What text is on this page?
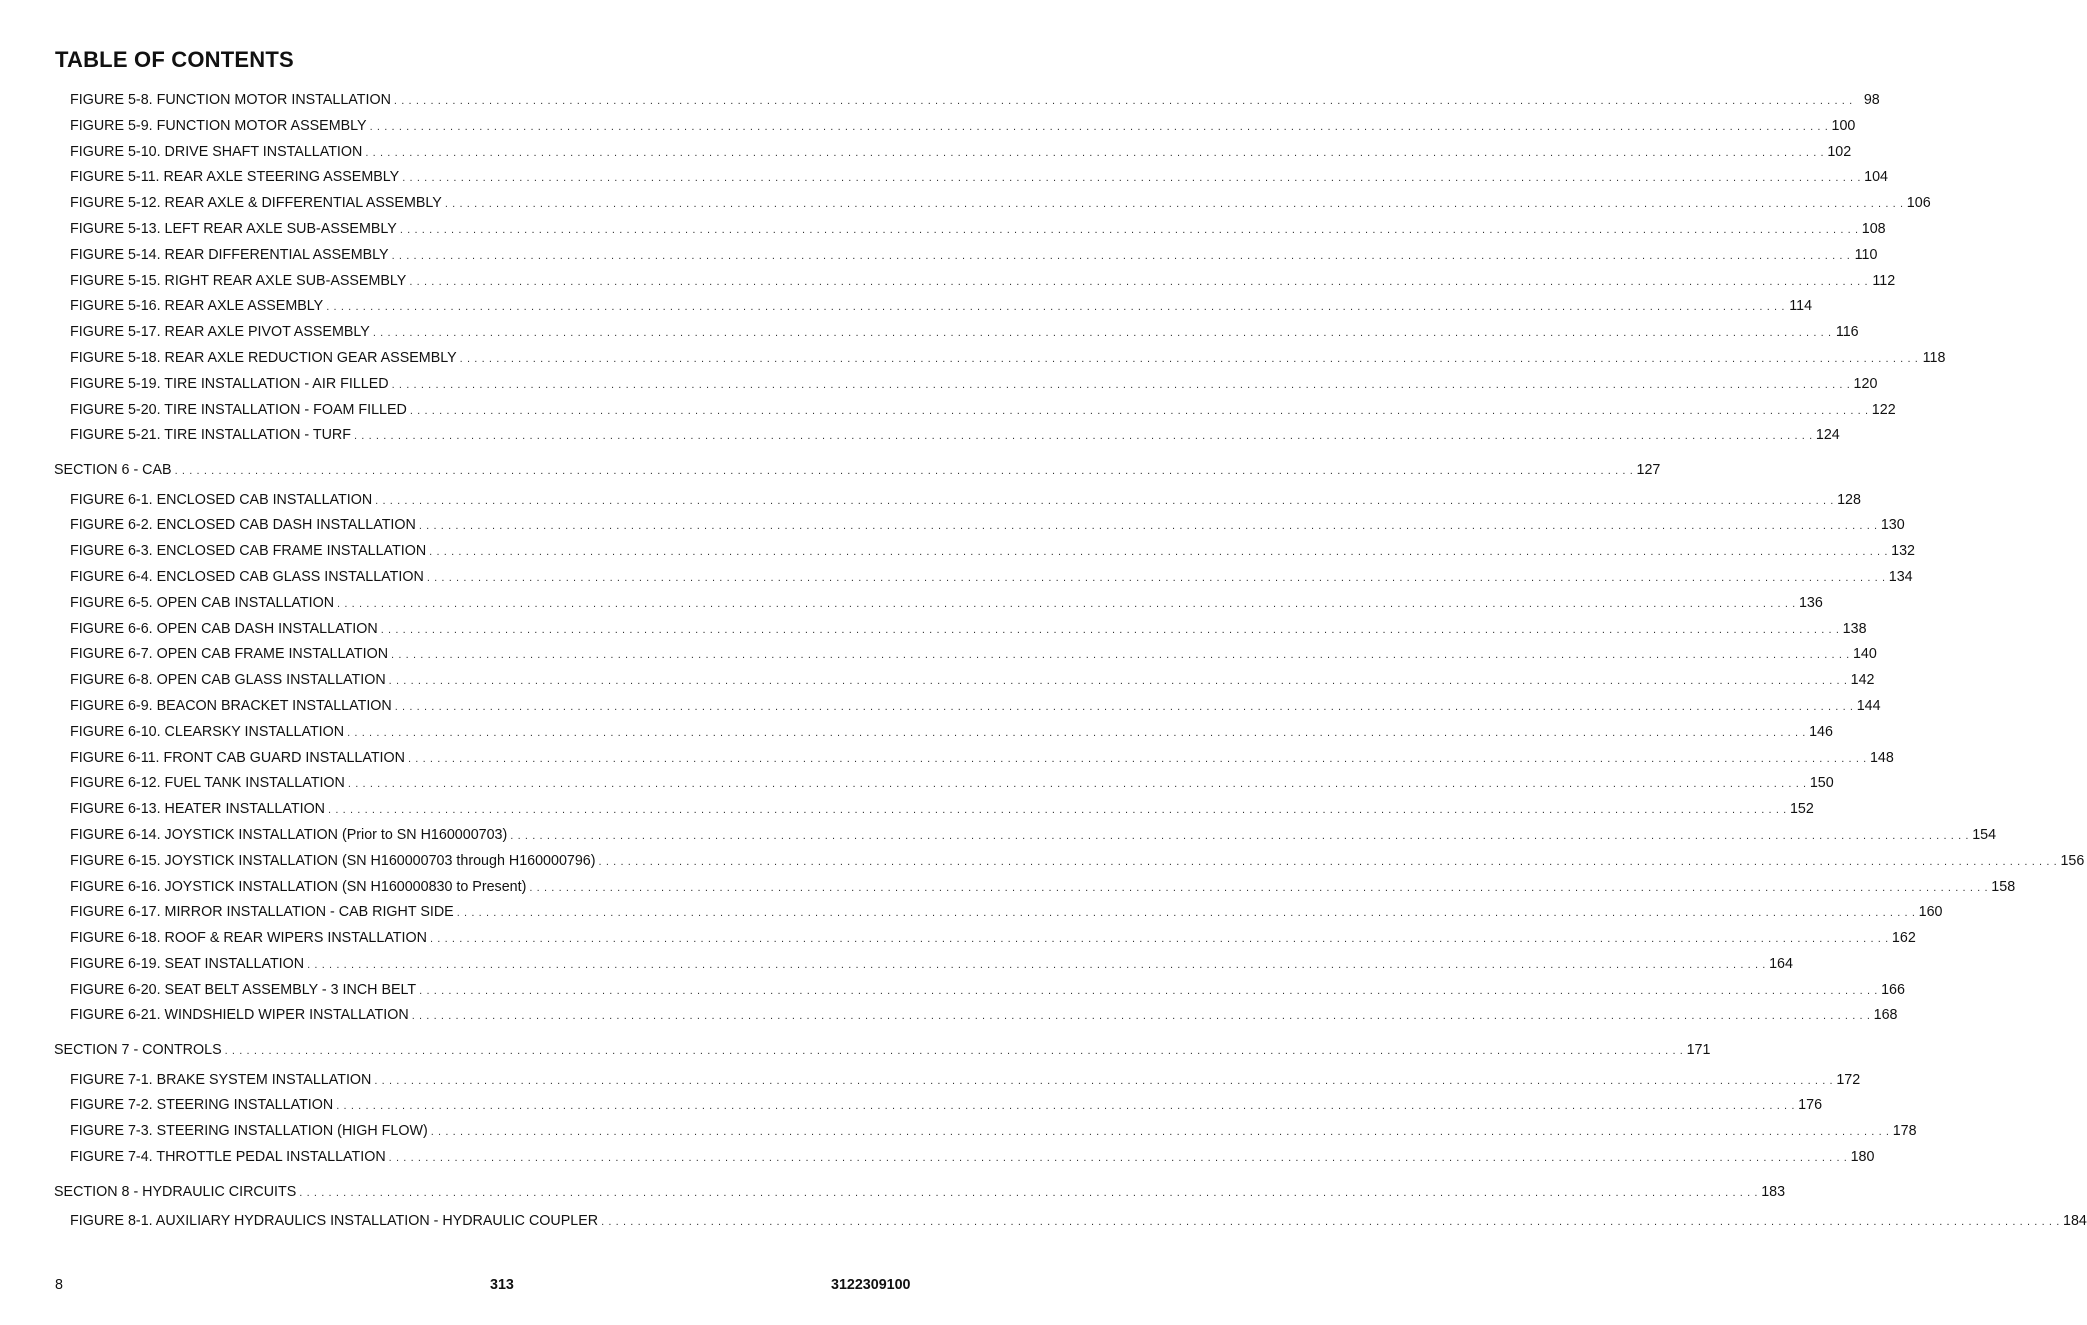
TABLE OF CONTENTS
FIGURE 5-8. FUNCTION MOTOR INSTALLATION . . . . . . . . . . . . . . . . . . . . . . . . . . . . . . . . . . . . . . . . . . . . . . . . . . . . . . . . . . . . . . . . . . . . . . . . . . . . . . . . . . . . . . . . . . . . . . . . . . . . . . . . . . . . . . . . . . . . . . . . . . . . . . . . . . . . . . . . . . . . . . . . . . . . . . . . . . . . . . . . . . . . . . . . . . . . . . . . . . . . . . . . . . . . . . . . . . . . . . . . 98
FIGURE 5-9. FUNCTION MOTOR ASSEMBLY . . . . . . . . . . . . . . . . . . . . . . . . . . . . . . . . . . . . . . . . . . . . . . . . . . . . . . . . . . . . . . . . . . . . . . . . . . . . . . . . . . . . . . . . . . . . . . . . . . . . . . . . . . . . . . . . . . . . . . . . . . . . . . . . . . . . . . . . . . . . . . . . . . . . . . . . . . . . . . . . . . . . . . . . . . . . . . . . . . . . . . . . . . . . . . . . . . . . . . . . 100
FIGURE 5-10. DRIVE SHAFT INSTALLATION . . . . . . . . . . . . . . . . . . . . . . . . . . . . . . . . . . . . . . . . . . . . . . . . . . . . . . . . . . . . . . . . . . . . . . . . . . . . . . . . . . . . . . . . . . . . . . . . . . . . . . . . . . . . . . . . . . . . . . . . . . . . . . . . . . . . . . . . . . . . . . . . . . . . . . . . . . . . . . . . . . . . . . . . . . . . . . . . . . . . . . . . . . . . . . . . . . . . . . . . 102
FIGURE 5-11. REAR AXLE STEERING ASSEMBLY . . . . . . . . . . . . . . . . . . . . . . . . . . . . . . . . . . . . . . . . . . . . . . . . . . . . . . . . . . . . . . . . . . . . . . . . . . . . . . . . . . . . . . . . . . . . . . . . . . . . . . . . . . . . . . . . . . . . . . . . . . . . . . . . . . . . . . . . . . . . . . . . . . . . . . . . . . . . . . . . . . . . . . . . . . . . . . . . . . . . . . . . . . . . . . . . . . . . . . . . 104
FIGURE 5-12. REAR AXLE & DIFFERENTIAL ASSEMBLY . . . . . . . . . . . . . . . . . . . . . . . . . . . . . . . . . . . . . . . . . . . . . . . . . . . . . . . . . . . . . . . . . . . . . . . . . . . . . . . . . . . . . . . . . . . . . . . . . . . . . . . . . . . . . . . . . . . . . . . . . . . . . . . . . . . . . . . . . . . . . . . . . . . . . . . . . . . . . . . . . . . . . . . . . . . . . . . . . . . . . . . . . . . . . . . . . . . . . . . . 106
FIGURE 5-13. LEFT REAR AXLE SUB-ASSEMBLY . . . . . . . . . . . . . . . . . . . . . . . . . . . . . . . . . . . . . . . . . . . . . . . . . . . . . . . . . . . . . . . . . . . . . . . . . . . . . . . . . . . . . . . . . . . . . . . . . . . . . . . . . . . . . . . . . . . . . . . . . . . . . . . . . . . . . . . . . . . . . . . . . . . . . . . . . . . . . . . . . . . . . . . . . . . . . . . . . . . . . . . . . . . . . . . . . . . . . . . . 108
FIGURE 5-14. REAR DIFFERENTIAL ASSEMBLY . . . . . . . . . . . . . . . . . . . . . . . . . . . . . . . . . . . . . . . . . . . . . . . . . . . . . . . . . . . . . . . . . . . . . . . . . . . . . . . . . . . . . . . . . . . . . . . . . . . . . . . . . . . . . . . . . . . . . . . . . . . . . . . . . . . . . . . . . . . . . . . . . . . . . . . . . . . . . . . . . . . . . . . . . . . . . . . . . . . . . . . . . . . . . . . . . . . . . . . . 110
FIGURE 5-15. RIGHT REAR AXLE SUB-ASSEMBLY . . . . . . . . . . . . . . . . . . . . . . . . . . . . . . . . . . . . . . . . . . . . . . . . . . . . . . . . . . . . . . . . . . . . . . . . . . . . . . . . . . . . . . . . . . . . . . . . . . . . . . . . . . . . . . . . . . . . . . . . . . . . . . . . . . . . . . . . . . . . . . . . . . . . . . . . . . . . . . . . . . . . . . . . . . . . . . . . . . . . . . . . . . . . . . . . . . . . . . . . 112
FIGURE 5-16. REAR AXLE ASSEMBLY . . . . . . . . . . . . . . . . . . . . . . . . . . . . . . . . . . . . . . . . . . . . . . . . . . . . . . . . . . . . . . . . . . . . . . . . . . . . . . . . . . . . . . . . . . . . . . . . . . . . . . . . . . . . . . . . . . . . . . . . . . . . . . . . . . . . . . . . . . . . . . . . . . . . . . . . . . . . . . . . . . . . . . . . . . . . . . . . . . . . . . . . . . . . . . . . . . . . . . . . 114
FIGURE 5-17. REAR AXLE PIVOT ASSEMBLY . . . . . . . . . . . . . . . . . . . . . . . . . . . . . . . . . . . . . . . . . . . . . . . . . . . . . . . . . . . . . . . . . . . . . . . . . . . . . . . . . . . . . . . . . . . . . . . . . . . . . . . . . . . . . . . . . . . . . . . . . . . . . . . . . . . . . . . . . . . . . . . . . . . . . . . . . . . . . . . . . . . . . . . . . . . . . . . . . . . . . . . . . . . . . . . . . . . . . . . . 116
FIGURE 5-18. REAR AXLE REDUCTION GEAR ASSEMBLY . . . . . . . . . . . . . . . . . . . . . . . . . . . . . . . . . . . . . . . . . . . . . . . . . . . . . . . . . . . . . . . . . . . . . . . . . . . . . . . . . . . . . . . . . . . . . . . . . . . . . . . . . . . . . . . . . . . . . . . . . . . . . . . . . . . . . . . . . . . . . . . . . . . . . . . . . . . . . . . . . . . . . . . . . . . . . . . . . . . . . . . . . . . . . . . . . . . . . . . . 118
FIGURE 5-19. TIRE INSTALLATION - AIR FILLED . . . . . . . . . . . . . . . . . . . . . . . . . . . . . . . . . . . . . . . . . . . . . . . . . . . . . . . . . . . . . . . . . . . . . . . . . . . . . . . . . . . . . . . . . . . . . . . . . . . . . . . . . . . . . . . . . . . . . . . . . . . . . . . . . . . . . . . . . . . . . . . . . . . . . . . . . . . . . . . . . . . . . . . . . . . . . . . . . . . . . . . . . . . . . . . . . . . . . . . . 120
FIGURE 5-20. TIRE INSTALLATION - FOAM FILLED . . . . . . . . . . . . . . . . . . . . . . . . . . . . . . . . . . . . . . . . . . . . . . . . . . . . . . . . . . . . . . . . . . . . . . . . . . . . . . . . . . . . . . . . . . . . . . . . . . . . . . . . . . . . . . . . . . . . . . . . . . . . . . . . . . . . . . . . . . . . . . . . . . . . . . . . . . . . . . . . . . . . . . . . . . . . . . . . . . . . . . . . . . . . . . . . . . . . . . . . 122
FIGURE 5-21. TIRE INSTALLATION - TURF . . . . . . . . . . . . . . . . . . . . . . . . . . . . . . . . . . . . . . . . . . . . . . . . . . . . . . . . . . . . . . . . . . . . . . . . . . . . . . . . . . . . . . . . . . . . . . . . . . . . . . . . . . . . . . . . . . . . . . . . . . . . . . . . . . . . . . . . . . . . . . . . . . . . . . . . . . . . . . . . . . . . . . . . . . . . . . . . . . . . . . . . . . . . . . . . . . . . . . . . 124
SECTION 6 - CAB . . . . . . . . . . . . . . . . . . . . . . . . . . . . . . . . . . . . . . . . . . . . . . . . . . . . . . . . . . . . . . . . . . . . . . . . . . . . . . . . . . . . . . . . . . . . . . . . . . . . . . . . . . . . . . . . . . . . . . . . . . . . . . . . . . . . . . . . . . . . . . . . . . . . . . . . . . . . . . . . . . . . . . . . . . . . . . . . . . . . . . . . . . . . . . . . . . . . . . . . 127
FIGURE 6-1. ENCLOSED CAB INSTALLATION . . . . . . . . . . . . . . . . . . . . . . . . . . . . . . . . . . . . . . . . . . . . . . . . . . . . . . . . . . . . . . . . . . . . . . . . . . . . . . . . . . . . . . . . . . . . . . . . . . . . . . . . . . . . . . . . . . . . . . . . . . . . . . . . . . . . . . . . . . . . . . . . . . . . . . . . . . . . . . . . . . . . . . . . . . . . . . . . . . . . . . . . . . . . . . . . . . . . . . . . 128
FIGURE 6-2. ENCLOSED CAB DASH INSTALLATION . . . . . . . . . . . . . . . . . . . . . . . . . . . . . . . . . . . . . . . . . . . . . . . . . . . . . . . . . . . . . . . . . . . . . . . . . . . . . . . . . . . . . . . . . . . . . . . . . . . . . . . . . . . . . . . . . . . . . . . . . . . . . . . . . . . . . . . . . . . . . . . . . . . . . . . . . . . . . . . . . . . . . . . . . . . . . . . . . . . . . . . . . . . . . . . . . . . . . . . . 130
FIGURE 6-3. ENCLOSED CAB FRAME INSTALLATION . . . . . . . . . . . . . . . . . . . . . . . . . . . . . . . . . . . . . . . . . . . . . . . . . . . . . . . . . . . . . . . . . . . . . . . . . . . . . . . . . . . . . . . . . . . . . . . . . . . . . . . . . . . . . . . . . . . . . . . . . . . . . . . . . . . . . . . . . . . . . . . . . . . . . . . . . . . . . . . . . . . . . . . . . . . . . . . . . . . . . . . . . . . . . . . . . . . . . . . . 132
FIGURE 6-4. ENCLOSED CAB GLASS INSTALLATION . . . . . . . . . . . . . . . . . . . . . . . . . . . . . . . . . . . . . . . . . . . . . . . . . . . . . . . . . . . . . . . . . . . . . . . . . . . . . . . . . . . . . . . . . . . . . . . . . . . . . . . . . . . . . . . . . . . . . . . . . . . . . . . . . . . . . . . . . . . . . . . . . . . . . . . . . . . . . . . . . . . . . . . . . . . . . . . . . . . . . . . . . . . . . . . . . . . . . . . . 134
FIGURE 6-5. OPEN CAB INSTALLATION . . . . . . . . . . . . . . . . . . . . . . . . . . . . . . . . . . . . . . . . . . . . . . . . . . . . . . . . . . . . . . . . . . . . . . . . . . . . . . . . . . . . . . . . . . . . . . . . . . . . . . . . . . . . . . . . . . . . . . . . . . . . . . . . . . . . . . . . . . . . . . . . . . . . . . . . . . . . . . . . . . . . . . . . . . . . . . . . . . . . . . . . . . . . . . . . . . . . . . . . 136
FIGURE 6-6. OPEN CAB DASH INSTALLATION . . . . . . . . . . . . . . . . . . . . . . . . . . . . . . . . . . . . . . . . . . . . . . . . . . . . . . . . . . . . . . . . . . . . . . . . . . . . . . . . . . . . . . . . . . . . . . . . . . . . . . . . . . . . . . . . . . . . . . . . . . . . . . . . . . . . . . . . . . . . . . . . . . . . . . . . . . . . . . . . . . . . . . . . . . . . . . . . . . . . . . . . . . . . . . . . . . . . . . . . 138
FIGURE 6-7. OPEN CAB FRAME INSTALLATION . . . . . . . . . . . . . . . . . . . . . . . . . . . . . . . . . . . . . . . . . . . . . . . . . . . . . . . . . . . . . . . . . . . . . . . . . . . . . . . . . . . . . . . . . . . . . . . . . . . . . . . . . . . . . . . . . . . . . . . . . . . . . . . . . . . . . . . . . . . . . . . . . . . . . . . . . . . . . . . . . . . . . . . . . . . . . . . . . . . . . . . . . . . . . . . . . . . . . . . . 140
FIGURE 6-8. OPEN CAB GLASS INSTALLATION . . . . . . . . . . . . . . . . . . . . . . . . . . . . . . . . . . . . . . . . . . . . . . . . . . . . . . . . . . . . . . . . . . . . . . . . . . . . . . . . . . . . . . . . . . . . . . . . . . . . . . . . . . . . . . . . . . . . . . . . . . . . . . . . . . . . . . . . . . . . . . . . . . . . . . . . . . . . . . . . . . . . . . . . . . . . . . . . . . . . . . . . . . . . . . . . . . . . . . . . 142
FIGURE 6-9. BEACON BRACKET INSTALLATION . . . . . . . . . . . . . . . . . . . . . . . . . . . . . . . . . . . . . . . . . . . . . . . . . . . . . . . . . . . . . . . . . . . . . . . . . . . . . . . . . . . . . . . . . . . . . . . . . . . . . . . . . . . . . . . . . . . . . . . . . . . . . . . . . . . . . . . . . . . . . . . . . . . . . . . . . . . . . . . . . . . . . . . . . . . . . . . . . . . . . . . . . . . . . . . . . . . . . . . . 144
FIGURE 6-10. CLEARSKY INSTALLATION . . . . . . . . . . . . . . . . . . . . . . . . . . . . . . . . . . . . . . . . . . . . . . . . . . . . . . . . . . . . . . . . . . . . . . . . . . . . . . . . . . . . . . . . . . . . . . . . . . . . . . . . . . . . . . . . . . . . . . . . . . . . . . . . . . . . . . . . . . . . . . . . . . . . . . . . . . . . . . . . . . . . . . . . . . . . . . . . . . . . . . . . . . . . . . . . . . . . . . . . 146
FIGURE 6-11. FRONT CAB GUARD INSTALLATION . . . . . . . . . . . . . . . . . . . . . . . . . . . . . . . . . . . . . . . . . . . . . . . . . . . . . . . . . . . . . . . . . . . . . . . . . . . . . . . . . . . . . . . . . . . . . . . . . . . . . . . . . . . . . . . . . . . . . . . . . . . . . . . . . . . . . . . . . . . . . . . . . . . . . . . . . . . . . . . . . . . . . . . . . . . . . . . . . . . . . . . . . . . . . . . . . . . . . . . . 148
FIGURE 6-12. FUEL TANK INSTALLATION . . . . . . . . . . . . . . . . . . . . . . . . . . . . . . . . . . . . . . . . . . . . . . . . . . . . . . . . . . . . . . . . . . . . . . . . . . . . . . . . . . . . . . . . . . . . . . . . . . . . . . . . . . . . . . . . . . . . . . . . . . . . . . . . . . . . . . . . . . . . . . . . . . . . . . . . . . . . . . . . . . . . . . . . . . . . . . . . . . . . . . . . . . . . . . . . . . . . . . . . 150
FIGURE 6-13. HEATER INSTALLATION . . . . . . . . . . . . . . . . . . . . . . . . . . . . . . . . . . . . . . . . . . . . . . . . . . . . . . . . . . . . . . . . . . . . . . . . . . . . . . . . . . . . . . . . . . . . . . . . . . . . . . . . . . . . . . . . . . . . . . . . . . . . . . . . . . . . . . . . . . . . . . . . . . . . . . . . . . . . . . . . . . . . . . . . . . . . . . . . . . . . . . . . . . . . . . . . . . . . . . . . 152
FIGURE 6-14. JOYSTICK INSTALLATION (Prior to SN H160000703) . . . . . . . . . . . . . . . . . . . . . . . . . . . . . . . . . . . . . . . . . . . . . . . . . . . . . . . . . . . . . . . . . . . . . . . . . . . . . . . . . . . . . . . . . . . . . . . . . . . . . . . . . . . . . . . . . . . . . . . . . . . . . . . . . . . . . . . . . . . . . . . . . . . . . . . . . . . . . . . . . . . . . . . . . . . . . . . . . . . . . . . . . . . . . . . . . . . . . . . . 154
FIGURE 6-15. JOYSTICK INSTALLATION (SN H160000703 through H160000796) . . . . . . . . . . . . . . . . . . . . . . . . . . . . . . . . . . . . . . . . . . . . . . . . . . . . . . . . . . . . . . . . . . . . . . . . . . . . . . . . . . . . . . . . . . . . . . . . . . . . . . . . . . . . . . . . . . . . . . . . . . . . . . . . . . . . . . . . . . . . . . . . . . . . . . . . . . . . . . . . . . . . . . . . . . . . . . . . . . . . . . . . . . . . . . . . . . . . . . . . 156
FIGURE 6-16. JOYSTICK INSTALLATION (SN H160000830 to Present) . . . . . . . . . . . . . . . . . . . . . . . . . . . . . . . . . . . . . . . . . . . . . . . . . . . . . . . . . . . . . . . . . . . . . . . . . . . . . . . . . . . . . . . . . . . . . . . . . . . . . . . . . . . . . . . . . . . . . . . . . . . . . . . . . . . . . . . . . . . . . . . . . . . . . . . . . . . . . . . . . . . . . . . . . . . . . . . . . . . . . . . . . . . . . . . . . . . . . . . . 158
FIGURE 6-17. MIRROR INSTALLATION - CAB RIGHT SIDE . . . . . . . . . . . . . . . . . . . . . . . . . . . . . . . . . . . . . . . . . . . . . . . . . . . . . . . . . . . . . . . . . . . . . . . . . . . . . . . . . . . . . . . . . . . . . . . . . . . . . . . . . . . . . . . . . . . . . . . . . . . . . . . . . . . . . . . . . . . . . . . . . . . . . . . . . . . . . . . . . . . . . . . . . . . . . . . . . . . . . . . . . . . . . . . . . . . . . . . . 160
FIGURE 6-18. ROOF & REAR WIPERS INSTALLATION . . . . . . . . . . . . . . . . . . . . . . . . . . . . . . . . . . . . . . . . . . . . . . . . . . . . . . . . . . . . . . . . . . . . . . . . . . . . . . . . . . . . . . . . . . . . . . . . . . . . . . . . . . . . . . . . . . . . . . . . . . . . . . . . . . . . . . . . . . . . . . . . . . . . . . . . . . . . . . . . . . . . . . . . . . . . . . . . . . . . . . . . . . . . . . . . . . . . . . . . 162
FIGURE 6-19. SEAT INSTALLATION . . . . . . . . . . . . . . . . . . . . . . . . . . . . . . . . . . . . . . . . . . . . . . . . . . . . . . . . . . . . . . . . . . . . . . . . . . . . . . . . . . . . . . . . . . . . . . . . . . . . . . . . . . . . . . . . . . . . . . . . . . . . . . . . . . . . . . . . . . . . . . . . . . . . . . . . . . . . . . . . . . . . . . . . . . . . . . . . . . . . . . . . . . . . . . . . . . . . . . . . 164
FIGURE 6-20. SEAT BELT ASSEMBLY - 3 INCH BELT . . . . . . . . . . . . . . . . . . . . . . . . . . . . . . . . . . . . . . . . . . . . . . . . . . . . . . . . . . . . . . . . . . . . . . . . . . . . . . . . . . . . . . . . . . . . . . . . . . . . . . . . . . . . . . . . . . . . . . . . . . . . . . . . . . . . . . . . . . . . . . . . . . . . . . . . . . . . . . . . . . . . . . . . . . . . . . . . . . . . . . . . . . . . . . . . . . . . . . . . 166
FIGURE 6-21. WINDSHIELD WIPER INSTALLATION . . . . . . . . . . . . . . . . . . . . . . . . . . . . . . . . . . . . . . . . . . . . . . . . . . . . . . . . . . . . . . . . . . . . . . . . . . . . . . . . . . . . . . . . . . . . . . . . . . . . . . . . . . . . . . . . . . . . . . . . . . . . . . . . . . . . . . . . . . . . . . . . . . . . . . . . . . . . . . . . . . . . . . . . . . . . . . . . . . . . . . . . . . . . . . . . . . . . . . . . 168
SECTION 7 - CONTROLS . . . . . . . . . . . . . . . . . . . . . . . . . . . . . . . . . . . . . . . . . . . . . . . . . . . . . . . . . . . . . . . . . . . . . . . . . . . . . . . . . . . . . . . . . . . . . . . . . . . . . . . . . . . . . . . . . . . . . . . . . . . . . . . . . . . . . . . . . . . . . . . . . . . . . . . . . . . . . . . . . . . . . . . . . . . . . . . . . . . . . . . . . . . . . . . . . . . . . . . . 171
FIGURE 7-1. BRAKE SYSTEM INSTALLATION . . . . . . . . . . . . . . . . . . . . . . . . . . . . . . . . . . . . . . . . . . . . . . . . . . . . . . . . . . . . . . . . . . . . . . . . . . . . . . . . . . . . . . . . . . . . . . . . . . . . . . . . . . . . . . . . . . . . . . . . . . . . . . . . . . . . . . . . . . . . . . . . . . . . . . . . . . . . . . . . . . . . . . . . . . . . . . . . . . . . . . . . . . . . . . . . . . . . . . . . 172
FIGURE 7-2. STEERING INSTALLATION . . . . . . . . . . . . . . . . . . . . . . . . . . . . . . . . . . . . . . . . . . . . . . . . . . . . . . . . . . . . . . . . . . . . . . . . . . . . . . . . . . . . . . . . . . . . . . . . . . . . . . . . . . . . . . . . . . . . . . . . . . . . . . . . . . . . . . . . . . . . . . . . . . . . . . . . . . . . . . . . . . . . . . . . . . . . . . . . . . . . . . . . . . . . . . . . . . . . . . . . 176
FIGURE 7-3. STEERING INSTALLATION (HIGH FLOW) . . . . . . . . . . . . . . . . . . . . . . . . . . . . . . . . . . . . . . . . . . . . . . . . . . . . . . . . . . . . . . . . . . . . . . . . . . . . . . . . . . . . . . . . . . . . . . . . . . . . . . . . . . . . . . . . . . . . . . . . . . . . . . . . . . . . . . . . . . . . . . . . . . . . . . . . . . . . . . . . . . . . . . . . . . . . . . . . . . . . . . . . . . . . . . . . . . . . . . . . 178
FIGURE 7-4. THROTTLE PEDAL INSTALLATION . . . . . . . . . . . . . . . . . . . . . . . . . . . . . . . . . . . . . . . . . . . . . . . . . . . . . . . . . . . . . . . . . . . . . . . . . . . . . . . . . . . . . . . . . . . . . . . . . . . . . . . . . . . . . . . . . . . . . . . . . . . . . . . . . . . . . . . . . . . . . . . . . . . . . . . . . . . . . . . . . . . . . . . . . . . . . . . . . . . . . . . . . . . . . . . . . . . . . . . . 180
SECTION 8 - HYDRAULIC CIRCUITS . . . . . . . . . . . . . . . . . . . . . . . . . . . . . . . . . . . . . . . . . . . . . . . . . . . . . . . . . . . . . . . . . . . . . . . . . . . . . . . . . . . . . . . . . . . . . . . . . . . . . . . . . . . . . . . . . . . . . . . . . . . . . . . . . . . . . . . . . . . . . . . . . . . . . . . . . . . . . . . . . . . . . . . . . . . . . . . . . . . . . . . . . . . . . . . . . . . . . . . . 183
FIGURE 8-1. AUXILIARY HYDRAULICS INSTALLATION - HYDRAULIC COUPLER . . . . . . . . . . . . . . . . . . . . . . . . . . . . . . . . . . . . . . . . . . . . . . . . . . . . . . . . . . . . . . . . . . . . . . . . . . . . . . . . . . . . . . . . . . . . . . . . . . . . . . . . . . . . . . . . . . . . . . . . . . . . . . . . . . . . . . . . . . . . . . . . . . . . . . . . . . . . . . . . . . . . . . . . . . . . . . . . . . . . . . . . . . . . . . . . . . . . . . . . 184
8	313	3122309100
